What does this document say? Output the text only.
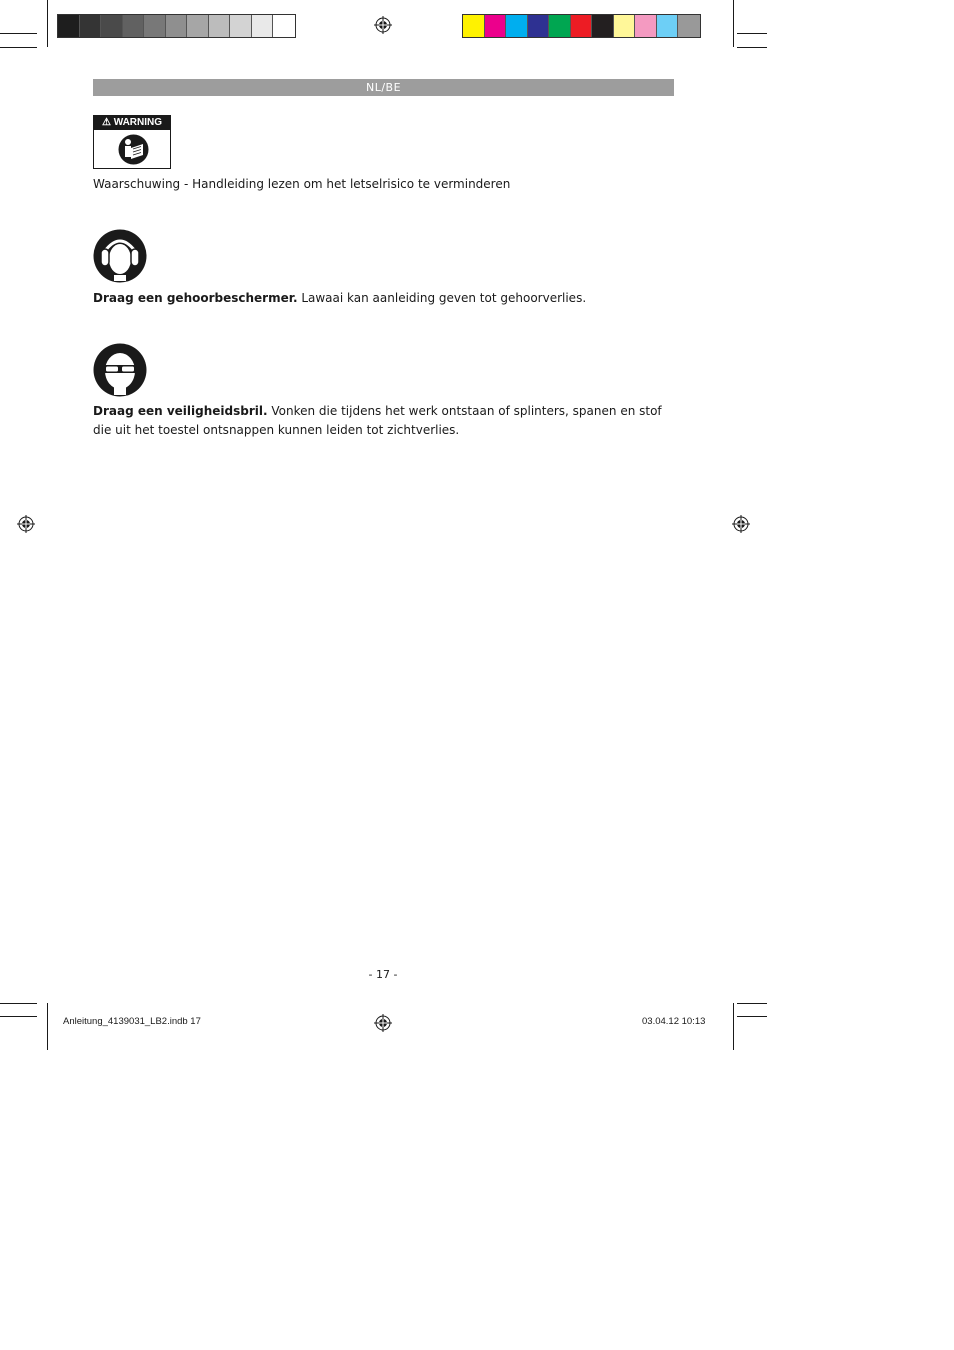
NL/BE
⚠ WARNING
Waarschuwing - Handleiding lezen om het letselrisico te verminderen
Draag een gehoorbeschermer. Lawaai kan aanleiding geven tot gehoorverlies.
Draag een veiligheidsbril. Vonken die tijdens het werk ontstaan of splinters, spanen en stof die uit het toestel ontsnappen kunnen leiden tot zichtverlies.
- 17 -
Anleitung_4139031_LB2.indb 17	03.04.12 10:13
